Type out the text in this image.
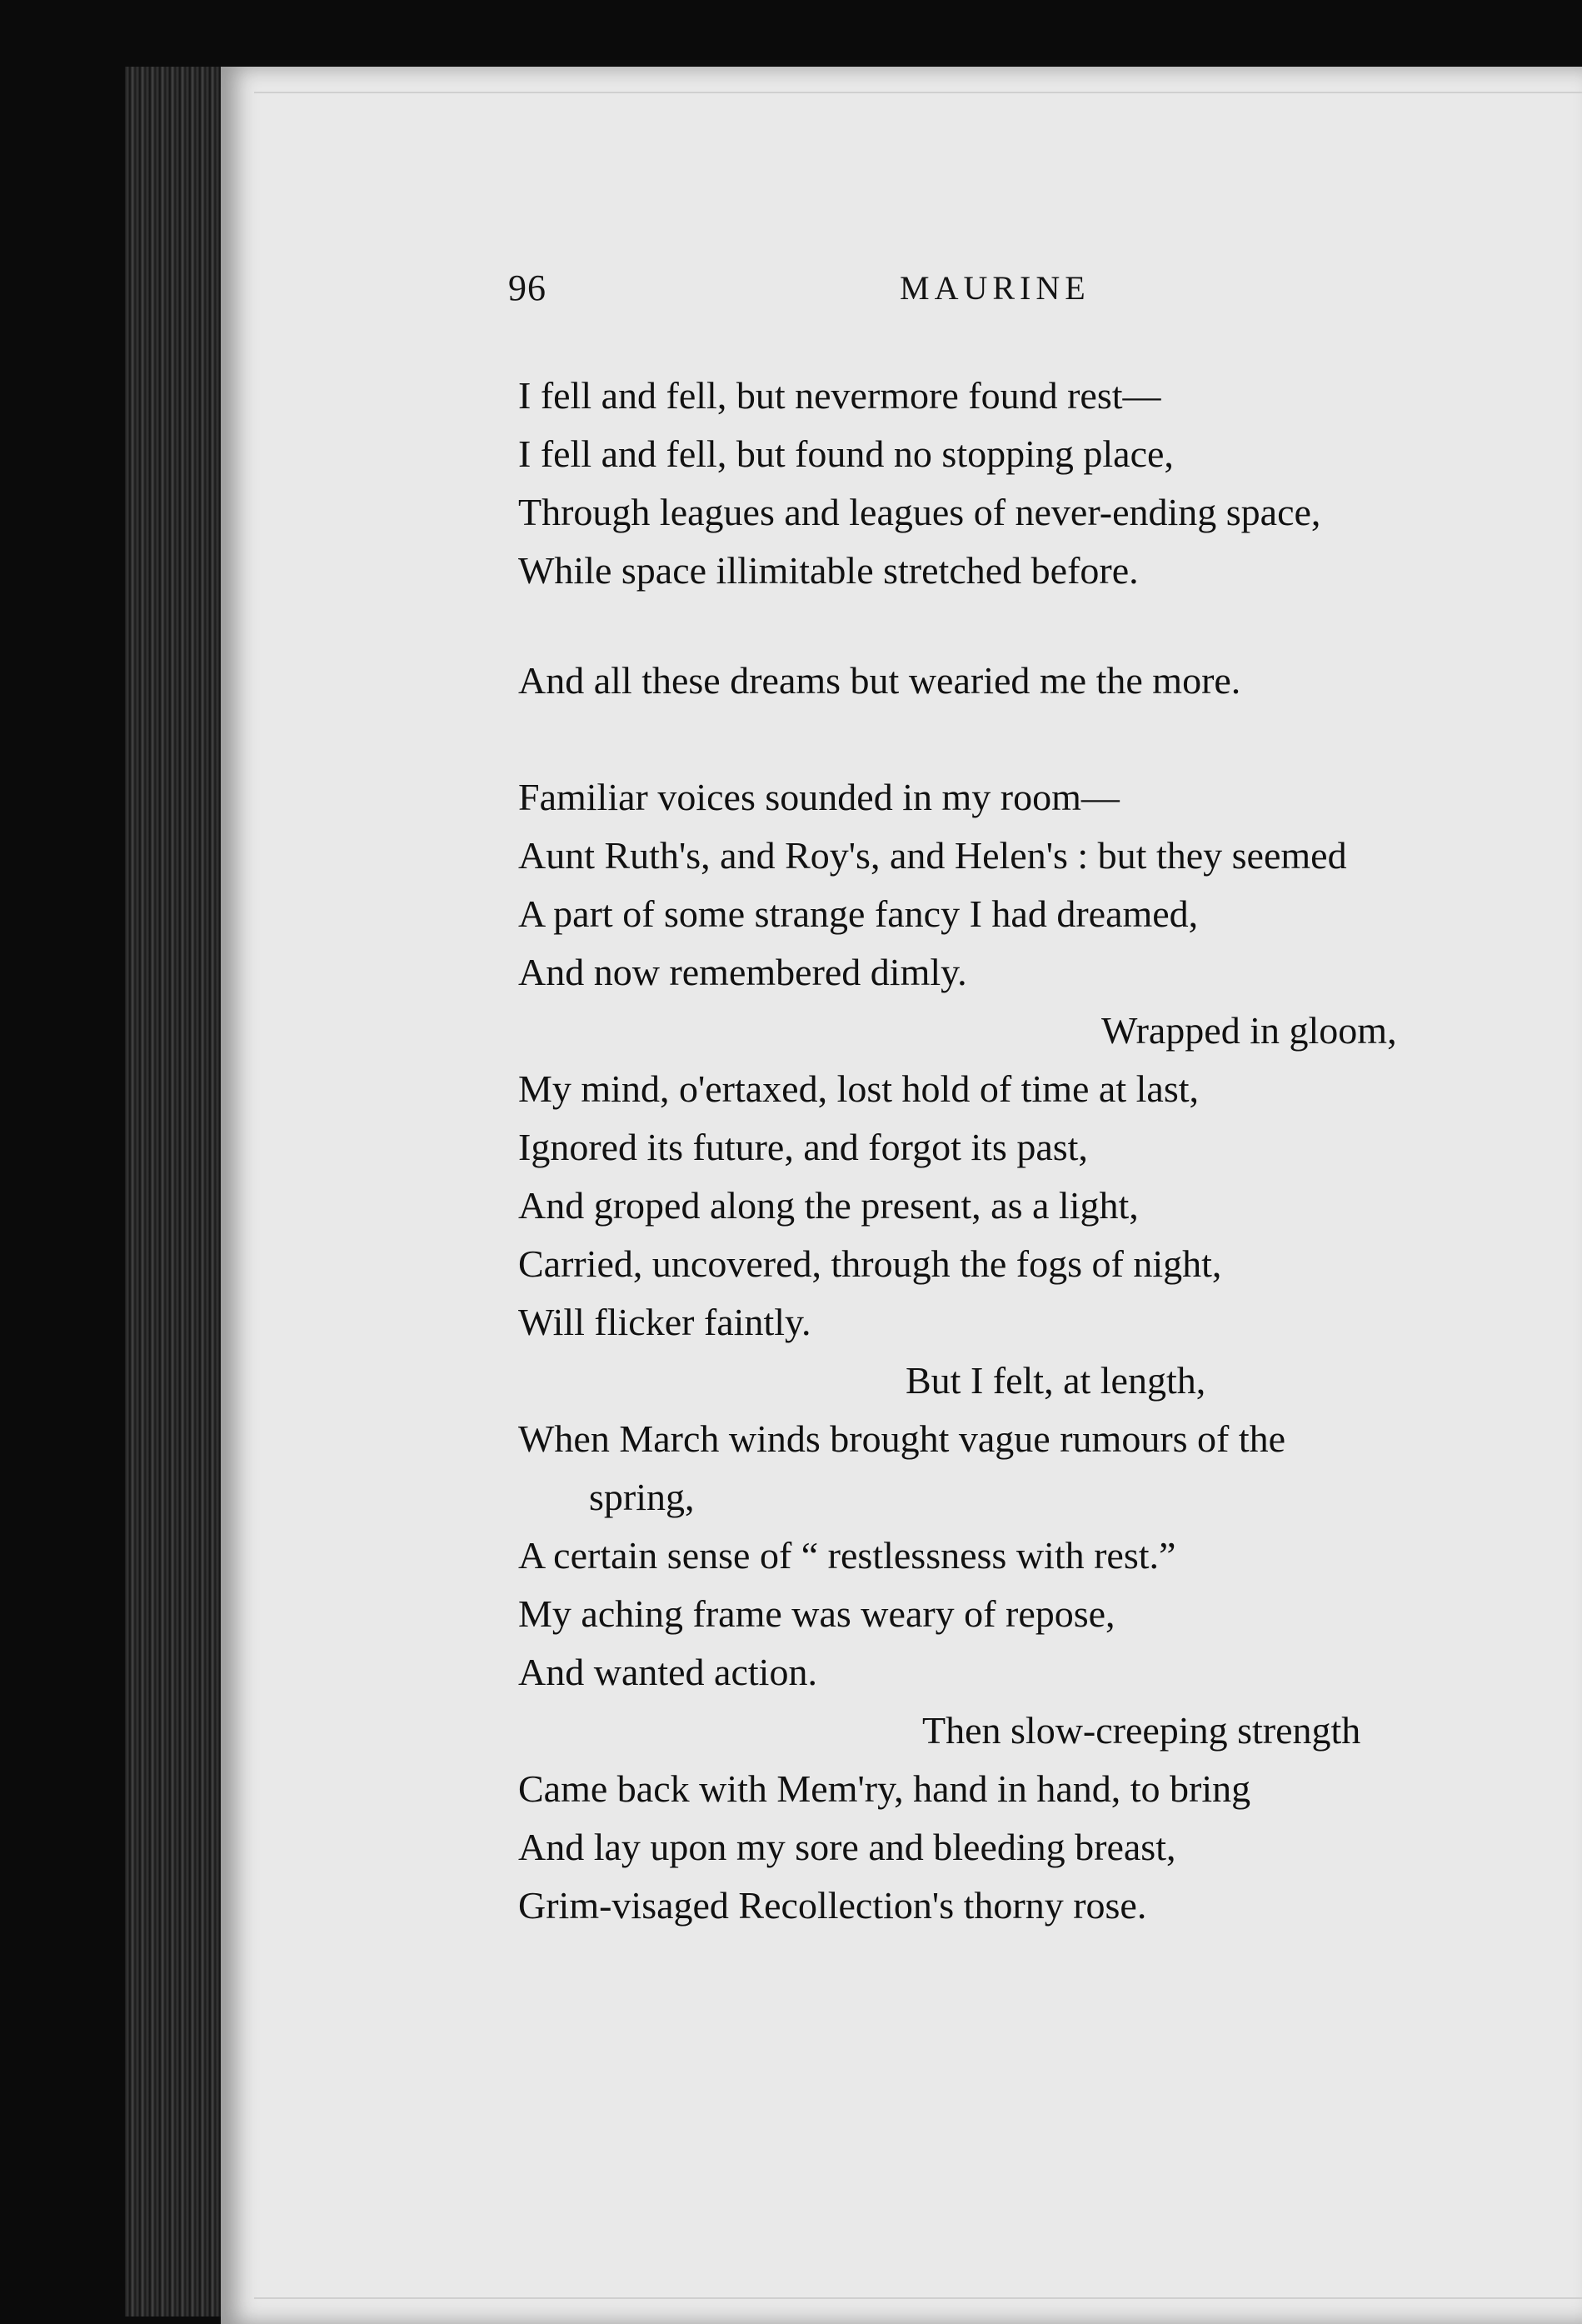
96	MAURINE
I fell and fell, but nevermore found rest—
I fell and fell, but found no stopping place,
Through leagues and leagues of never-ending space,
While space illimitable stretched before.
And all these dreams but wearied me the more.
Familiar voices sounded in my room—
Aunt Ruth's, and Roy's, and Helen's : but they seemed
A part of some strange fancy I had dreamed,
And now remembered dimly.
Wrapped in gloom,
My mind, o'ertaxed, lost hold of time at last,
Ignored its future, and forgot its past,
And groped along the present, as a light,
Carried, uncovered, through the fogs of night,
Will flicker faintly.
But I felt, at length,
When March winds brought vague rumours of the
spring,
A certain sense of “ restlessness with rest.”
My aching frame was weary of repose,
And wanted action.
Then slow-creeping strength
Came back with Mem'ry, hand in hand, to bring
And lay upon my sore and bleeding breast,
Grim-visaged Recollection's thorny rose.
